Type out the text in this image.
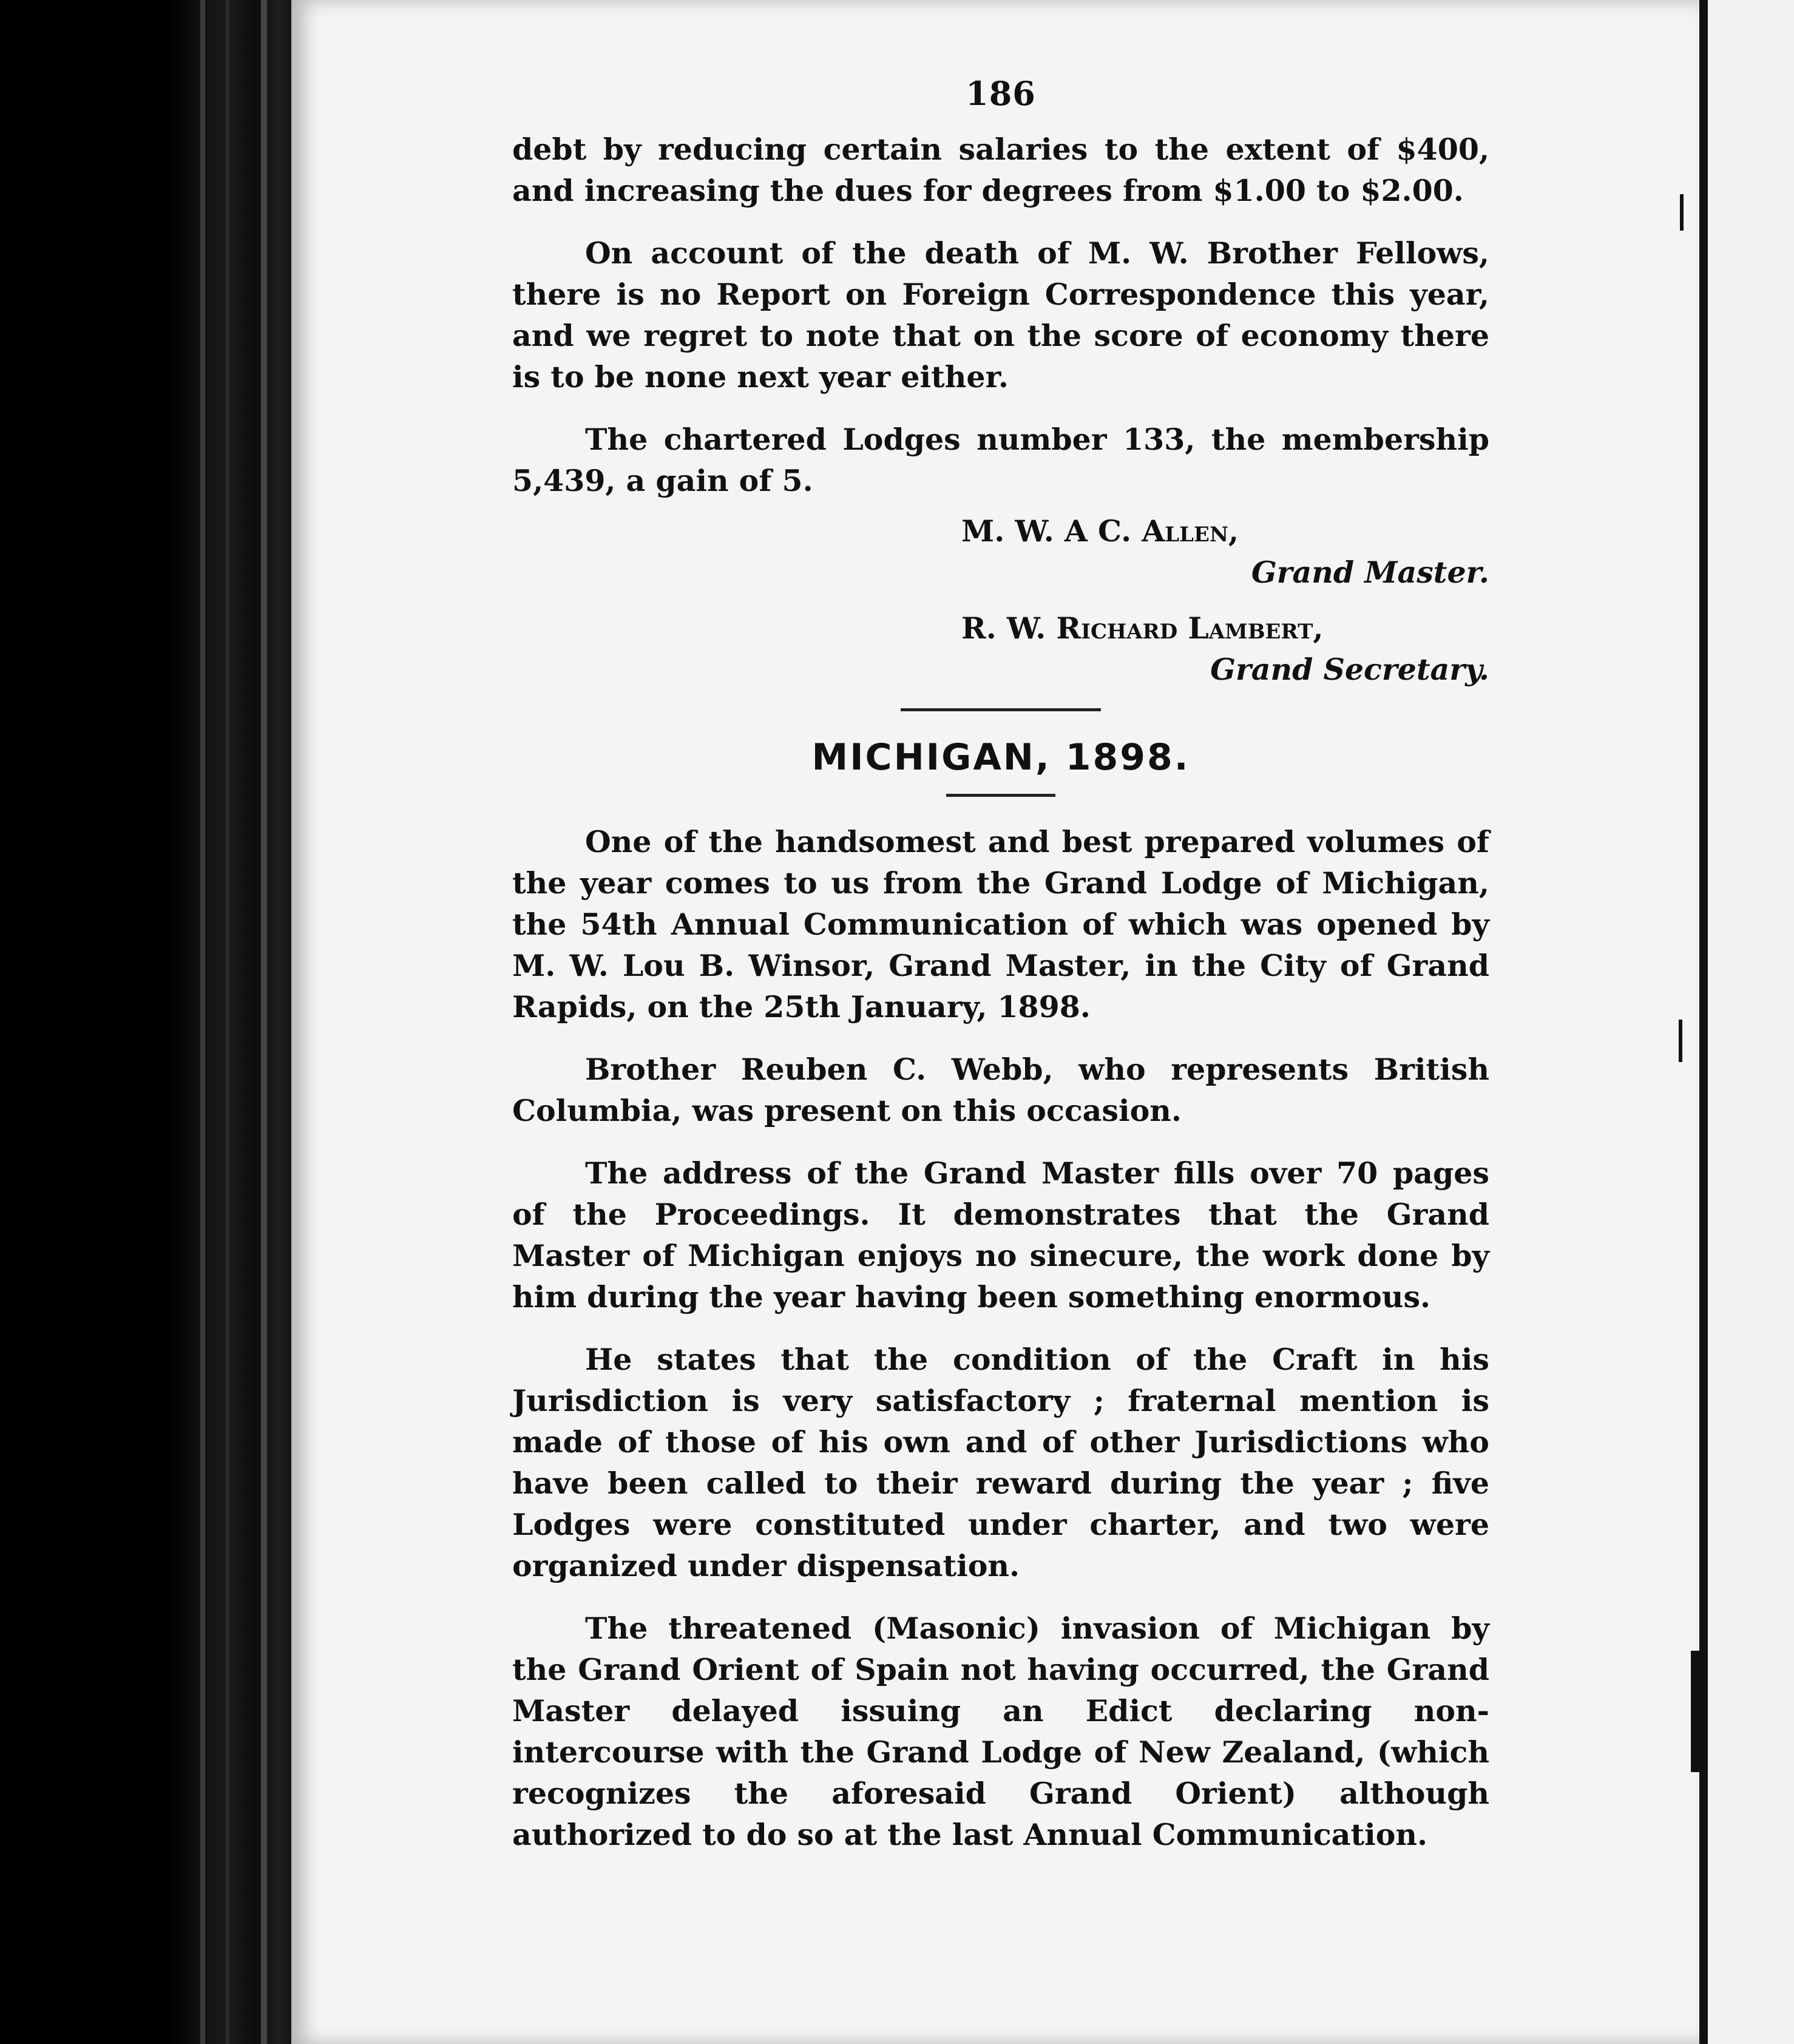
186

debt by reducing certain salaries to the extent of $400, and increasing the dues for degrees from $1.00 to $2.00.

On account of the death of M. W. Brother Fellows, there is no Report on Foreign Correspondence this year, and we regret to note that on the score of economy there is to be none next year either.

The chartered Lodges number 133, the membership 5,439, a gain of 5.

M. W. A C. Allen,
Grand Master.
R. W. Richard Lambert,
Grand Secretary.
MICHIGAN, 1898.

One of the handsomest and best prepared volumes of the year comes to us from the Grand Lodge of Michigan, the 54th Annual Communication of which was opened by M. W. Lou B. Winsor, Grand Master, in the City of Grand Rapids, on the 25th January, 1898.

Brother Reuben C. Webb, who represents British Columbia, was present on this occasion.

The address of the Grand Master fills over 70 pages of the Proceedings. It demonstrates that the Grand Master of Michigan enjoys no sinecure, the work done by him during the year having been something enormous.

He states that the condition of the Craft in his Jurisdiction is very satisfactory ; fraternal mention is made of those of his own and of other Jurisdictions who have been called to their reward during the year ; five Lodges were constituted under charter, and two were organized under dispensation.

The threatened (Masonic) invasion of Michigan by the Grand Orient of Spain not having occurred, the Grand Master delayed issuing an Edict declaring non-intercourse with the Grand Lodge of New Zealand, (which recognizes the aforesaid Grand Orient) although authorized to do so at the last Annual Communication.
